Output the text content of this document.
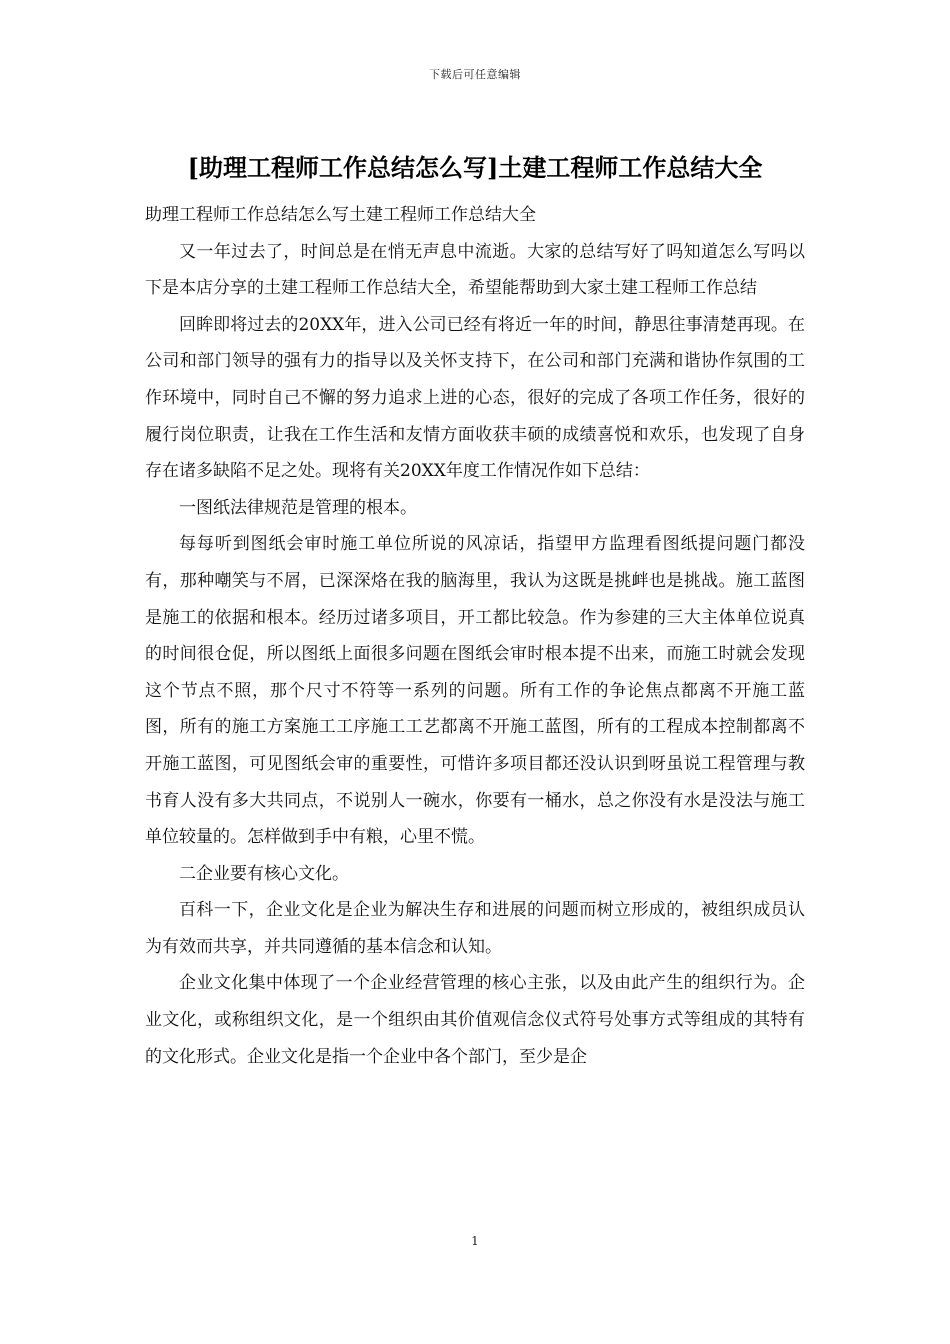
下载后可任意编辑
[助理工程师工作总结怎么写]土建工程师工作总结大全

助理工程师工作总结怎么写土建工程师工作总结大全

又一年过去了，时间总是在悄无声息中流逝。大家的总结写好了吗知道怎么写吗以下是本店分享的土建工程师工作总结大全，希望能帮助到大家土建工程师工作总结

回眸即将过去的20XX年，进入公司已经有将近一年的时间，静思往事清楚再现。在公司和部门领导的强有力的指导以及关怀支持下，在公司和部门充满和谐协作氛围的工作环境中，同时自己不懈的努力追求上进的心态，很好的完成了各项工作任务，很好的履行岗位职责，让我在工作生活和友情方面收获丰硕的成绩喜悦和欢乐，也发现了自身存在诸多缺陷不足之处。现将有关20XX年度工作情况作如下总结：

一图纸法律规范是管理的根本。

每每听到图纸会审时施工单位所说的风凉话，指望甲方监理看图纸提问题门都没有，那种嘲笑与不屑，已深深烙在我的脑海里，我认为这既是挑衅也是挑战。施工蓝图是施工的依据和根本。经历过诸多项目，开工都比较急。作为参建的三大主体单位说真的时间很仓促，所以图纸上面很多问题在图纸会审时根本提不出来，而施工时就会发现这个节点不照，那个尺寸不符等一系列的问题。所有工作的争论焦点都离不开施工蓝图，所有的施工方案施工工序施工工艺都离不开施工蓝图，所有的工程成本控制都离不开施工蓝图，可见图纸会审的重要性，可惜许多项目都还没认识到呀虽说工程管理与教书育人没有多大共同点，不说别人一碗水，你要有一桶水，总之你没有水是没法与施工单位较量的。怎样做到手中有粮，心里不慌。

二企业要有核心文化。

百科一下，企业文化是企业为解决生存和进展的问题而树立形成的，被组织成员认为有效而共享，并共同遵循的基本信念和认知。

企业文化集中体现了一个企业经营管理的核心主张，以及由此产生的组织行为。企业文化，或称组织文化，是一个组织由其价值观信念仪式符号处事方式等组成的其特有的文化形式。企业文化是指一个企业中各个部门，至少是企

1
